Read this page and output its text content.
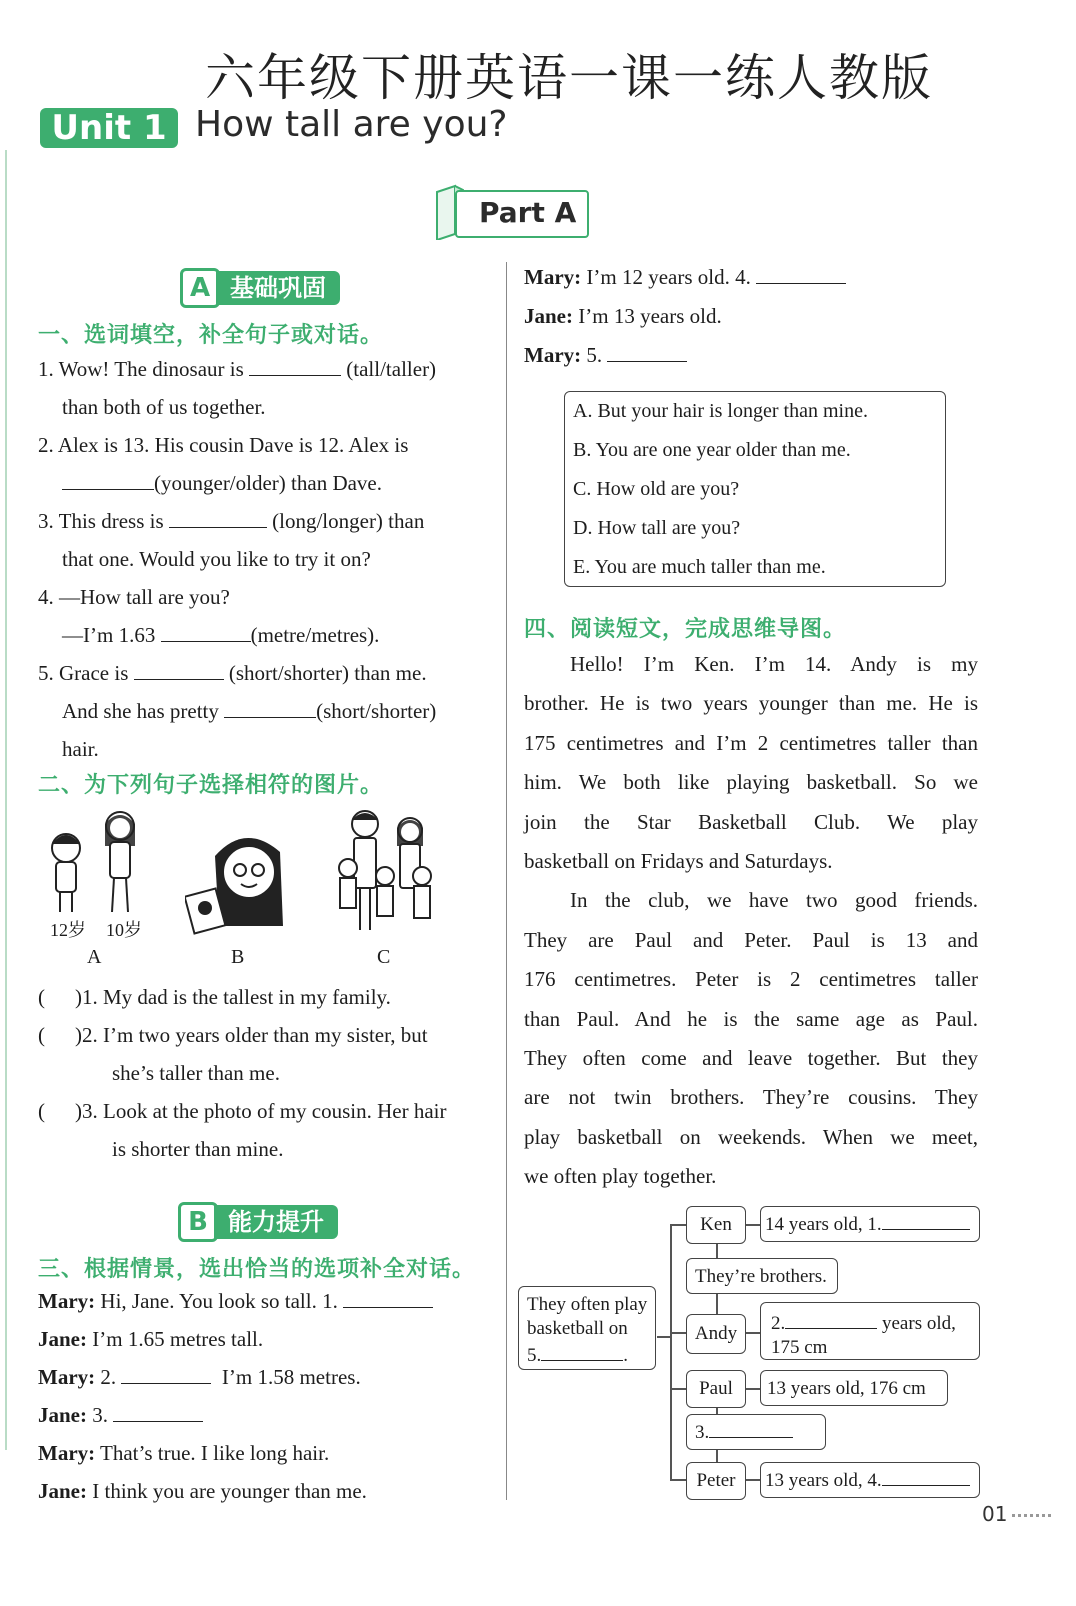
六年级下册英语一课一练人教版
Unit 1 How tall are you?
Part A
A 基础巩固
一、选词填空，补全句子或对话。
1. Wow! The dinosaur is	(tall/taller)
than both of us together.
2. Alex is 13. His cousin Dave is 12. Alex is
(younger/older) than Dave.
3. This dress is	(long/longer) than
that one. Would you like to try it on?
4. —How tall are you?
—I’m 1.63	(metre/metres).
5. Grace is	(short/shorter) than me.
And she has pretty	(short/shorter)
hair.
二、为下列句子选择相符的图片。
12岁 10岁
A	B	C
( )1. My dad is the tallest in my family.
( )2. I’m two years older than my sister, but
she’s taller than me.
( )3. Look at the photo of my cousin. Her hair
is shorter than mine.
B 能力提升
三、根据情景，选出恰当的选项补全对话。
Mary: Hi, Jane. You look so tall. 1.
Jane: I’m 1.65 metres tall.
Mary: 2.	I’m 1.58 metres.
Jane: 3.
Mary: That’s true. I like long hair.
Jane: I think you are younger than me.
Mary: I’m 12 years old. 4.
Jane: I’m 13 years old.
Mary: 5.
A. But your hair is longer than mine.
B. You are one year older than me.
C. How old are you?
D. How tall are you?
E. You are much taller than me.
四、阅读短文，完成思维导图。
Hello! I’m Ken. I’m 14. Andy is my
brother. He is two years younger than me. He is
175 centimetres and I’m 2 centimetres taller than
him. We both like playing basketball. So we
join the Star Basketball Club. We play
basketball on Fridays and Saturdays.
In the club, we have two good friends.
They are Paul and Peter. Paul is 13 and
176 centimetres. Peter is 2 centimetres taller
than Paul. And he is the same age as Paul.
They often come and leave together. But they
are not twin brothers. They’re cousins. They
play basketball on weekends. When we meet,
we often play together.
They often play
basketball on
5.	.
Ken	14 years old, 1.
They’re brothers.
Andy	2.	years old,
175 cm
Paul	13 years old, 176 cm
3.
Peter	13 years old, 4.
01
